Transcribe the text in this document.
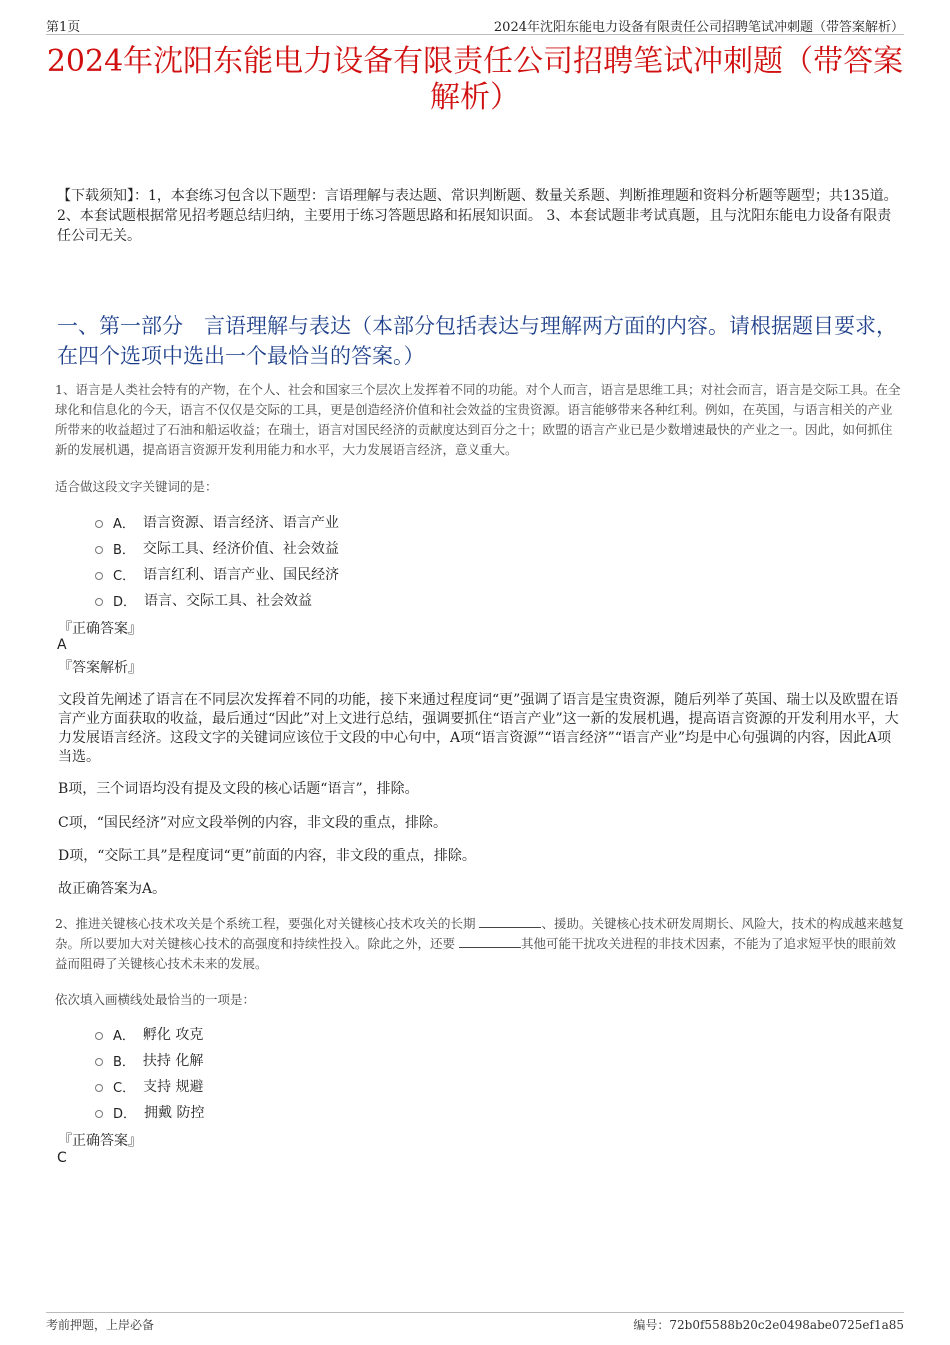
第1页	2024年沈阳东能电力设备有限责任公司招聘笔试冲刺题（带答案解析）
2024年沈阳东能电力设备有限责任公司招聘笔试冲刺题（带答案解析）
【下载须知】：1，本套练习包含以下题型：言语理解与表达题、常识判断题、数量关系题、判断推理题和资料分析题等题型；共135道。 2、本套试题根据常见招考题总结归纳，主要用于练习答题思路和拓展知识面。 3、本套试题非考试真题，且与沈阳东能电力设备有限责任公司无关。
一、第一部分　言语理解与表达（本部分包括表达与理解两方面的内容。请根据题目要求，在四个选项中选出一个最恰当的答案。）
1、语言是人类社会特有的产物，在个人、社会和国家三个层次上发挥着不同的功能。对个人而言，语言是思维工具；对社会而言，语言是交际工具。在全球化和信息化的今天，语言不仅仅是交际的工具，更是创造经济价值和社会效益的宝贵资源。语言能够带来各种红利。例如，在英国，与语言相关的产业所带来的收益超过了石油和船运收益；在瑞士，语言对国民经济的贡献度达到百分之十；欧盟的语言产业已是少数增速最快的产业之一。因此，如何抓住新的发展机遇，提高语言资源开发利用能力和水平，大力发展语言经济，意义重大。
适合做这段文字关键词的是：
A． 语言资源、语言经济、语言产业
B． 交际工具、经济价值、社会效益
C． 语言红利、语言产业、国民经济
D． 语言、交际工具、社会效益
『正确答案』
A
『答案解析』
文段首先阐述了语言在不同层次发挥着不同的功能，接下来通过程度词“更”强调了语言是宝贵资源，随后列举了英国、瑞士以及欧盟在语言产业方面获取的收益，最后通过“因此”对上文进行总结，强调要抓住“语言产业”这一新的发展机遇，提高语言资源的开发利用水平，大力发展语言经济。这段文字的关键词应该位于文段的中心句中，A项“语言资源”“语言经济”“语言产业”均是中心句强调的内容，因此A项当选。
B项，三个词语均没有提及文段的核心话题“语言”，排除。
C项，“国民经济”对应文段举例的内容，非文段的重点，排除。
D项，“交际工具”是程度词“更”前面的内容，非文段的重点，排除。
故正确答案为A。
2、推进关键核心技术攻关是个系统工程，要强化对关键核心技术攻关的长期	、援助。关键核心技术研发周期长、风险大，技术的构成越来越复杂。所以要加大对关键核心技术的高强度和持续性投入。除此之外，还要	其他可能干扰攻关进程的非技术因素，不能为了追求短平快的眼前效益而阻碍了关键核心技术未来的发展。
依次填入画横线处最恰当的一项是：
A． 孵化 攻克
B． 扶持 化解
C． 支持 规避
D． 拥戴 防控
『正确答案』
C
考前押题，上岸必备	编号：72b0f5588b20c2e0498abe0725ef1a85
